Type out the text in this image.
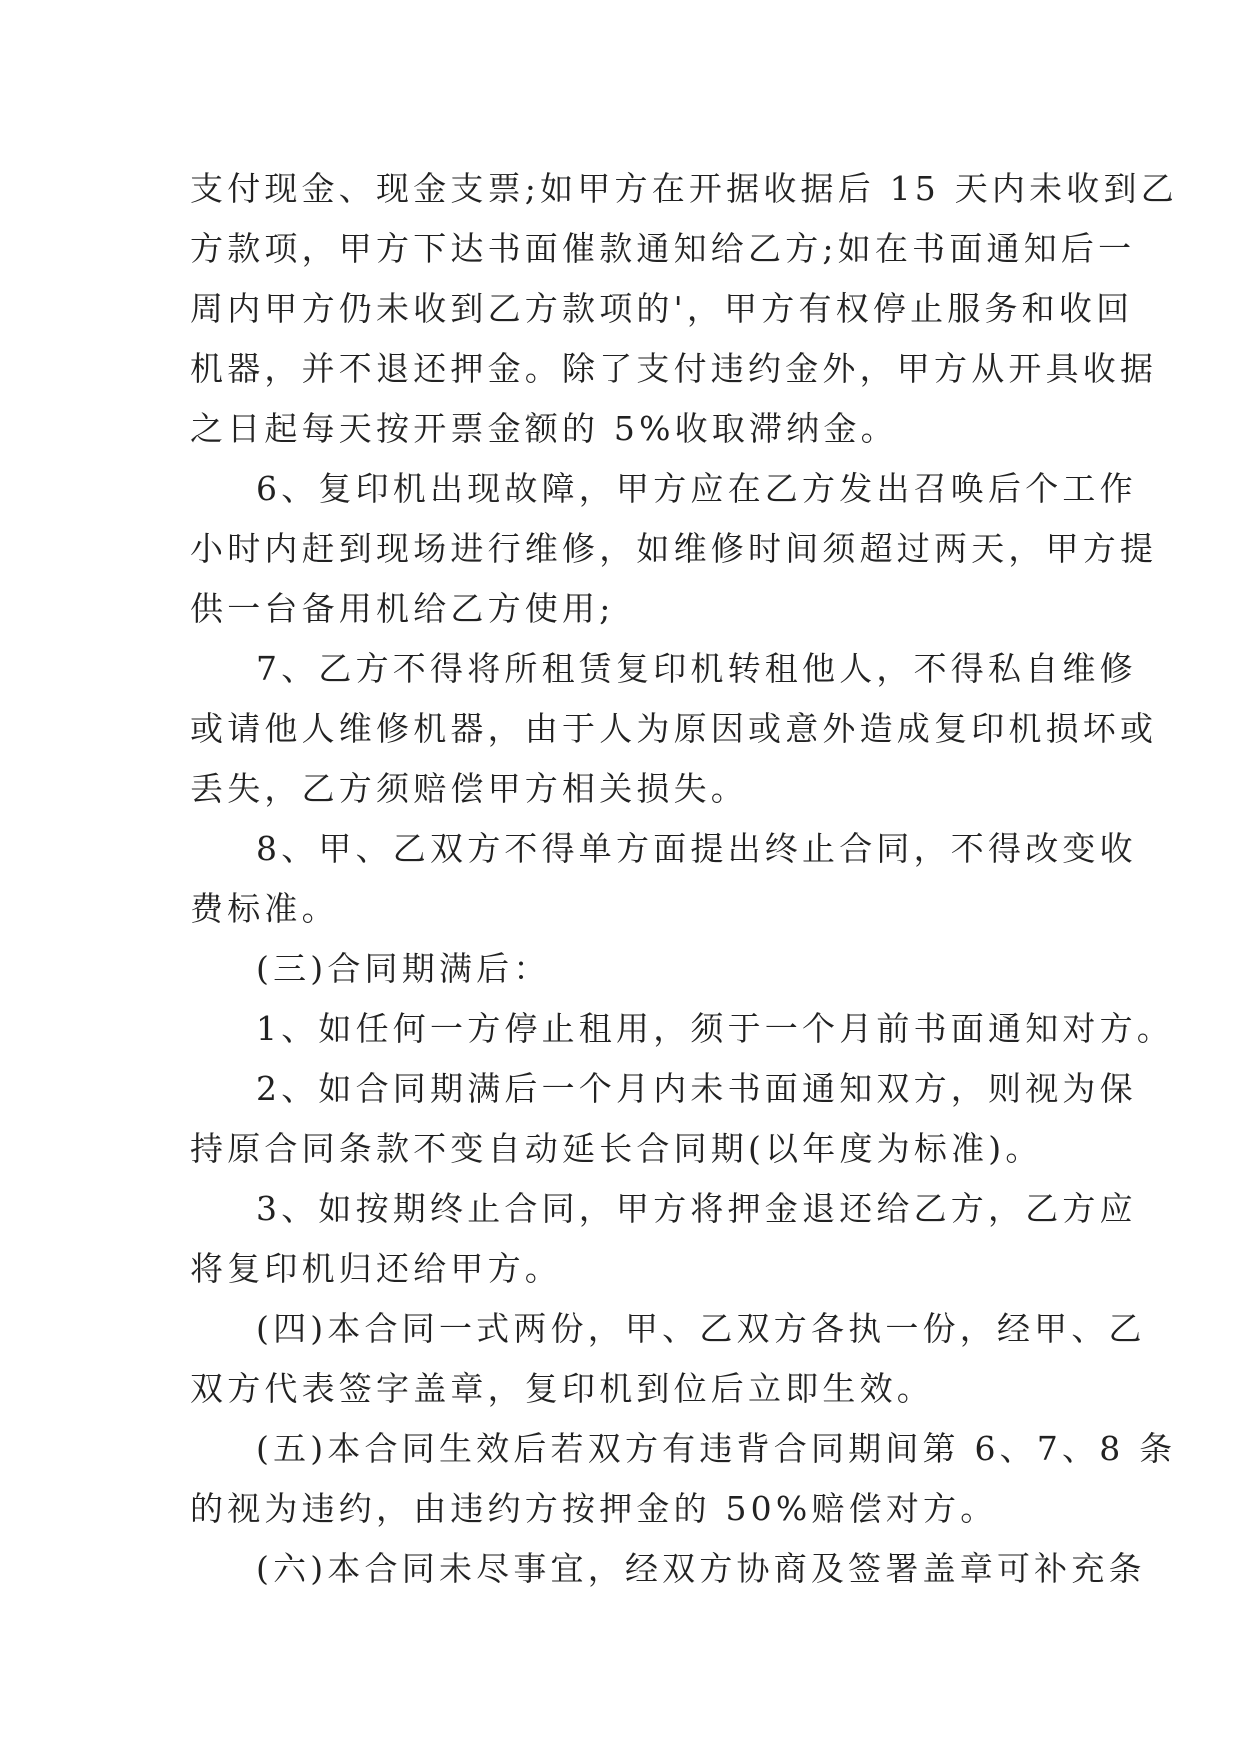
支付现金、现金支票;如甲方在开据收据后 15 天内未收到乙
方款项，甲方下达书面催款通知给乙方;如在书面通知后一
周内甲方仍未收到乙方款项的'，甲方有权停止服务和收回
机器，并不退还押金。除了支付违约金外，甲方从开具收据
之日起每天按开票金额的 5%收取滞纳金。
6、复印机出现故障，甲方应在乙方发出召唤后个工作
小时内赶到现场进行维修，如维修时间须超过两天，甲方提
供一台备用机给乙方使用;
7、乙方不得将所租赁复印机转租他人，不得私自维修
或请他人维修机器，由于人为原因或意外造成复印机损坏或
丢失，乙方须赔偿甲方相关损失。
8、甲、乙双方不得单方面提出终止合同，不得改变收
费标准。
(三)合同期满后：
1、如任何一方停止租用，须于一个月前书面通知对方。
2、如合同期满后一个月内未书面通知双方，则视为保
持原合同条款不变自动延长合同期(以年度为标准)。
3、如按期终止合同，甲方将押金退还给乙方，乙方应
将复印机归还给甲方。
(四)本合同一式两份，甲、乙双方各执一份，经甲、乙
双方代表签字盖章，复印机到位后立即生效。
(五)本合同生效后若双方有违背合同期间第 6、7、8 条
的视为违约，由违约方按押金的 50%赔偿对方。
(六)本合同未尽事宜，经双方协商及签署盖章可补充条
